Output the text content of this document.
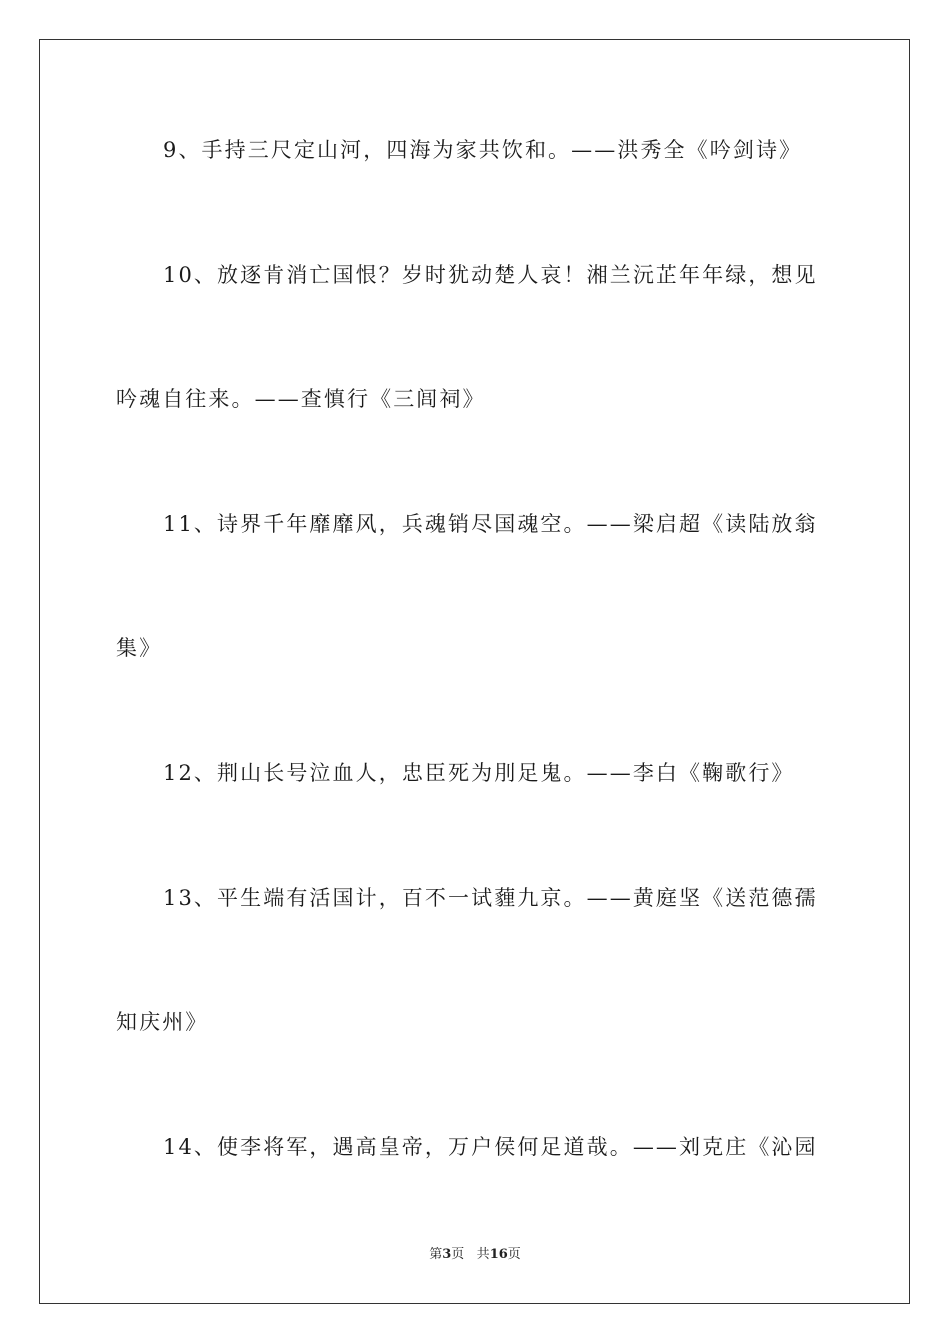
9、手持三尺定山河，四海为家共饮和。——洪秀全《吟剑诗》
10、放逐肯消亡国恨？岁时犹动楚人哀！湘兰沅芷年年绿，想见
吟魂自往来。——查慎行《三闾祠》
11、诗界千年靡靡风，兵魂销尽国魂空。——梁启超《读陆放翁
集》
12、荆山长号泣血人，忠臣死为刖足鬼。——李白《鞠歌行》
13、平生端有活国计，百不一试薶九京。——黄庭坚《送范德孺
知庆州》
14、使李将军，遇高皇帝，万户侯何足道哉。——刘克庄《沁园
第3页 共16页
